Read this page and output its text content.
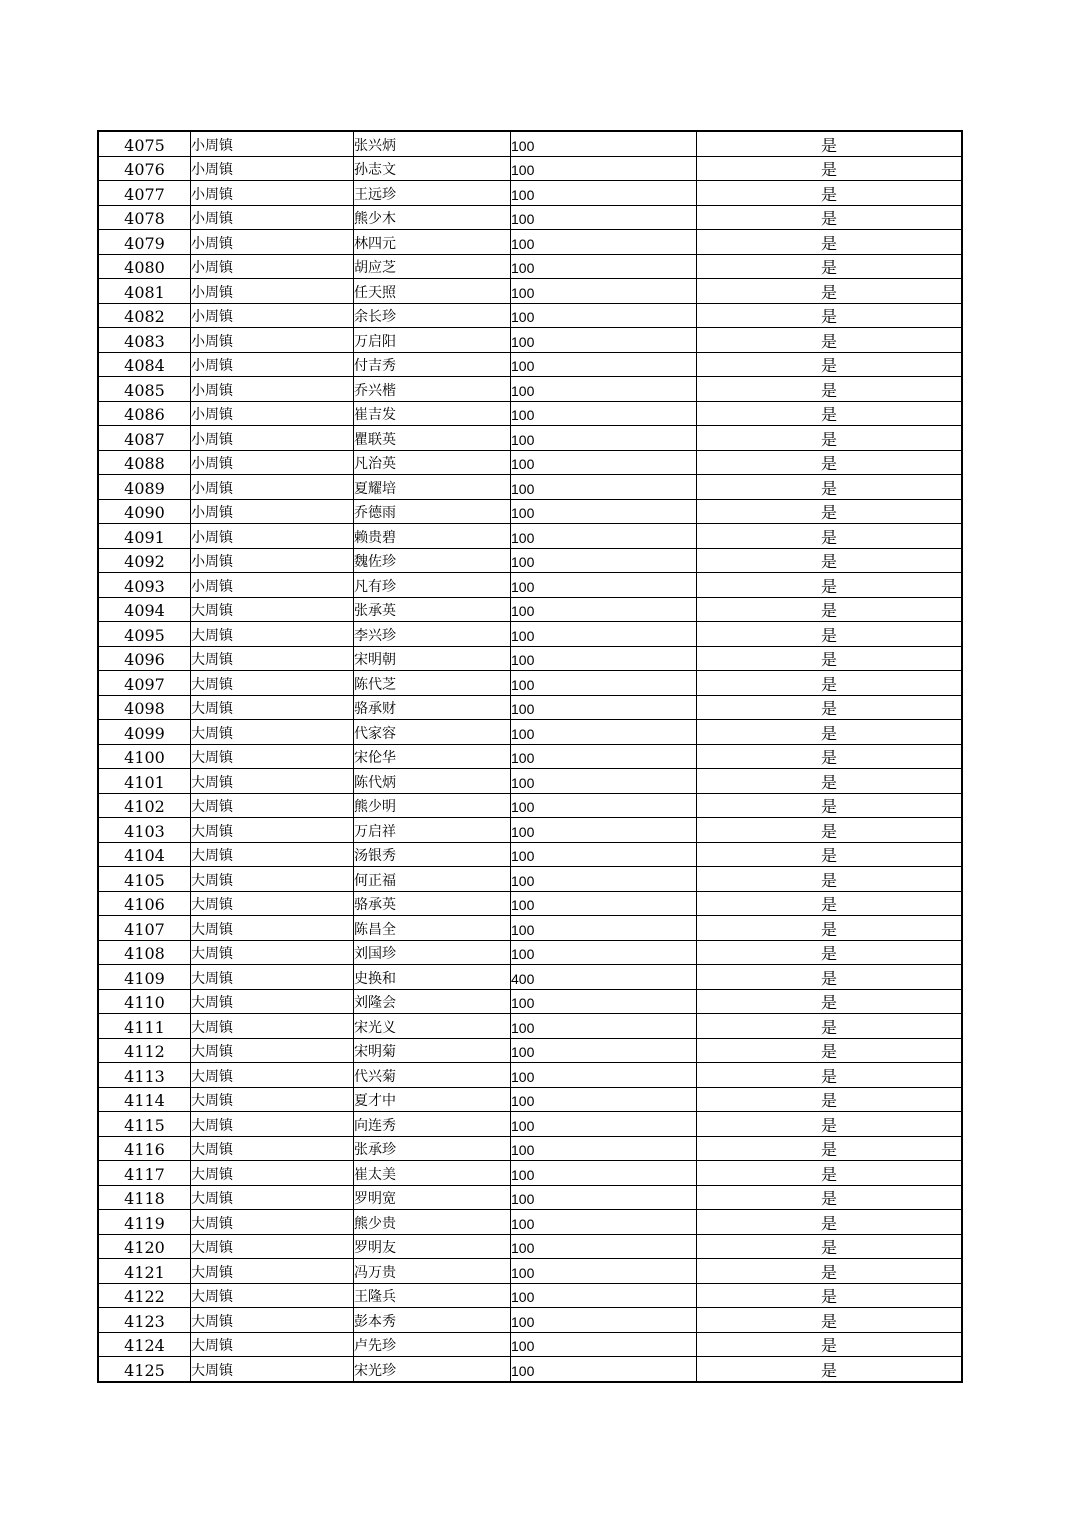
4075	小周镇	张兴炳	100	是
4076	小周镇	孙志文	100	是
4077	小周镇	王远珍	100	是
4078	小周镇	熊少木	100	是
4079	小周镇	林四元	100	是
4080	小周镇	胡应芝	100	是
4081	小周镇	任天照	100	是
4082	小周镇	余长珍	100	是
4083	小周镇	万启阳	100	是
4084	小周镇	付吉秀	100	是
4085	小周镇	乔兴楷	100	是
4086	小周镇	崔吉发	100	是
4087	小周镇	瞿联英	100	是
4088	小周镇	凡治英	100	是
4089	小周镇	夏耀培	100	是
4090	小周镇	乔德雨	100	是
4091	小周镇	赖贵碧	100	是
4092	小周镇	魏佐珍	100	是
4093	小周镇	凡有珍	100	是
4094	大周镇	张承英	100	是
4095	大周镇	李兴珍	100	是
4096	大周镇	宋明朝	100	是
4097	大周镇	陈代芝	100	是
4098	大周镇	骆承财	100	是
4099	大周镇	代家容	100	是
4100	大周镇	宋伦华	100	是
4101	大周镇	陈代炳	100	是
4102	大周镇	熊少明	100	是
4103	大周镇	万启祥	100	是
4104	大周镇	汤银秀	100	是
4105	大周镇	何正福	100	是
4106	大周镇	骆承英	100	是
4107	大周镇	陈昌全	100	是
4108	大周镇	刘国珍	100	是
4109	大周镇	史换和	400	是
4110	大周镇	刘隆会	100	是
4111	大周镇	宋光义	100	是
4112	大周镇	宋明菊	100	是
4113	大周镇	代兴菊	100	是
4114	大周镇	夏才中	100	是
4115	大周镇	向连秀	100	是
4116	大周镇	张承珍	100	是
4117	大周镇	崔太美	100	是
4118	大周镇	罗明宽	100	是
4119	大周镇	熊少贵	100	是
4120	大周镇	罗明友	100	是
4121	大周镇	冯万贵	100	是
4122	大周镇	王隆兵	100	是
4123	大周镇	彭本秀	100	是
4124	大周镇	卢先珍	100	是
4125	大周镇	宋光珍	100	是
